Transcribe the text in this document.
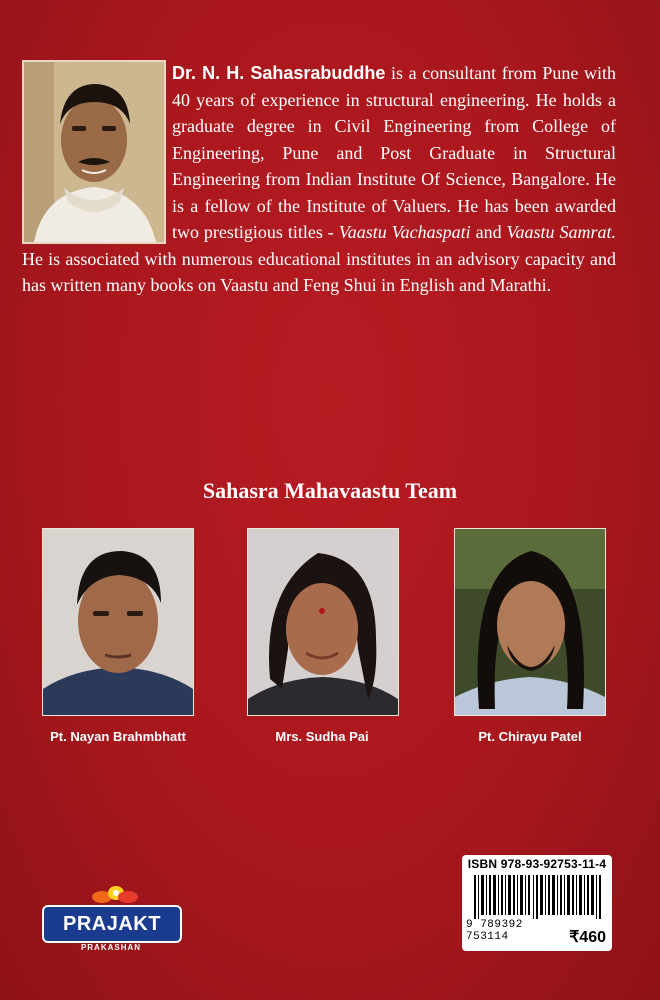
Dr. N. H. Sahasrabuddhe is a consultant from Pune with 40 years of experience in structural engineering. He holds a graduate degree in Civil Engineering from College of Engineering, Pune and Post Graduate in Structural Engineering from Indian Institute Of Science, Bangalore. He is a fellow of the Institute of Valuers. He has been awarded two prestigious titles - Vaastu Vachaspati and Vaastu Samrat. He is associated with numerous educational institutes in an advisory capacity and has written many books on Vaastu and Feng Shui in English and Marathi.
Sahasra Mahavaastu Team
Pt. Nayan Brahmbhatt	Mrs. Sudha Pai	Pt. Chirayu Patel
PRAJAKT
PRAKASHAN
ISBN 978-93-92753-11-4
9 789392 753114	₹460
